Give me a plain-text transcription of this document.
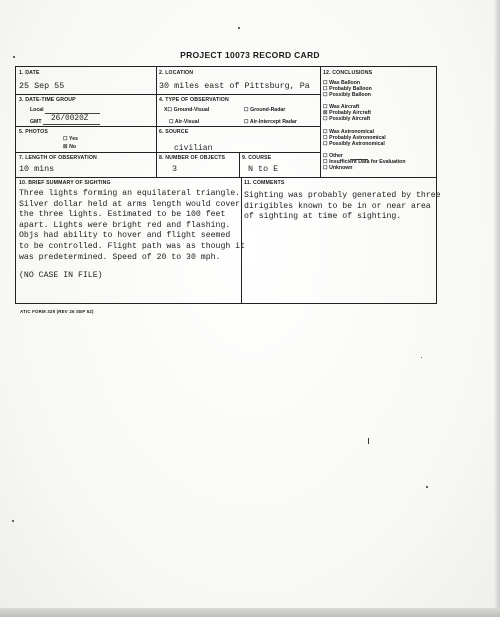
PROJECT 10073 RECORD CARD
1. DATE
25 Sep 55
2. LOCATION
30 miles east of Pittsburg, Pa
12. CONCLUSIONS
☐ Was Balloon
☐ Probably Balloon
☐ Possibly Balloon
☐ Was Aircraft
☒ Probably Aircraft
☐ Possibly Aircraft
☐ Was Astronomical
☐ Probably Astronomical
☐ Possibly Astronomical
☐ Other
☐ Insufficient Data for Evaluation
☐ Unknown
3. DATE-TIME GROUP
Local
GMT 26/0020Z
4. TYPE OF OBSERVATION
X☐ Ground-Visual	☐ Ground-Radar
☐ Air-Visual	☐ Air-Intercept Radar
5. PHOTOS
☐ Yes
☒ No
6. SOURCE
civilian
7. LENGTH OF OBSERVATION
10 mins
8. NUMBER OF OBJECTS
3
9. COURSE
N to E
10. BRIEF SUMMARY OF SIGHTING
Three lights forming an equilateral triangle.
Silver dollar held at arms length would cover
the three lights. Estimated to be 100 feet
apart. Lights were bright red and flashing.
Objs had ability to hover and flight seemed
to be controlled. Flight path was as though it
was predetermined. Speed of 20 to 30 mph.
(NO CASE IN FILE)
11. COMMENTS
Sighting was probably generated by three
dirigibles known to be in or near area
of sighting at time of sighting.
ATIC FORM 329 (REV 26 SEP 52)
